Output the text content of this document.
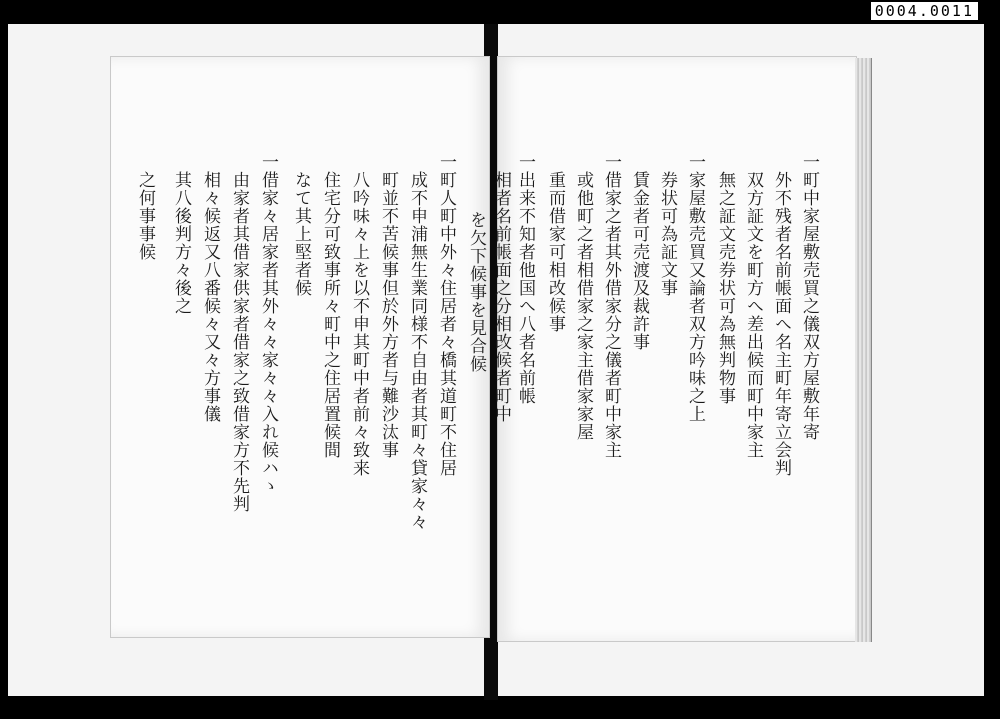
0004.0011
を欠下候事を見合候
一町人町中外々住居者々橋其道町不住居
成不申浦無生業同様不自由者其町々貸家々々
町並不苦候事但於外方者与難沙汰事
八吟味々上を以不申其町中者前々致来
住宅分可致事所々町中之住居置候間
なて其上堅者候
一借家々居家者其外々々家々々入れ候ハゝ
由家者其借家供家者借家之致借家方不先判
相々候返又八番候々又々方事儀
其八後判方々後之
之何事事候	一町中家屋敷売買之儀双方屋敷年寄
外不残者名前帳面へ名主町年寄立会判
双方証文を町方へ差出候而町中家主
無之証文売券状可為無判物事
一家屋敷売買又論者双方吟味之上
券状可為証文事
賃金者可売渡及裁許事
一借家之者其外借家分之儀者町中家主
或他町之者相借家之家主借家家屋
重而借家可相改候事
一出来不知者他国へ八者名前帳
相者名前帳面之分相改候者町中
